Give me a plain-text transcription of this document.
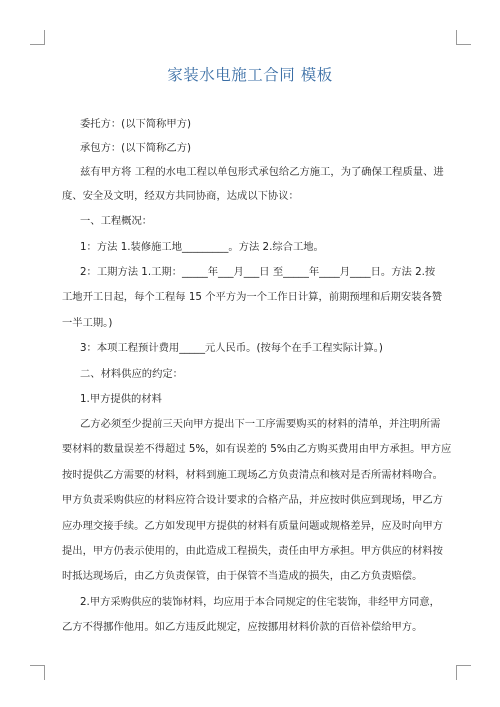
家装水电施工合同 模板
委托方：(以下简称甲方)
承包方：(以下简称乙方)
兹有甲方将 工程的水电工程以单包形式承包给乙方施工，为了确保工程质量、进
度、安全及文明，经双方共同协商，达成以下协议：
一、工程概况：
1：方法 1.装修施工地_________。方法 2.综合工地。
2：工期方法 1.工期：_____年___月___日 至_____年____月____日。方法 2.按
工地开工日起，每个工程每 15 个平方为一个工作日计算，前期预埋和后期安装各赞
一半工期。)
3：本项工程预计费用_____元人民币。(按每个在手工程实际计算。)
二、材料供应的约定：
1.甲方提供的材料
乙方必须至少提前三天向甲方提出下一工序需要购买的材料的清单，并注明所需
要材料的数量误差不得超过 5%，如有误差的 5%由乙方购买费用由甲方承担。甲方应
按时提供乙方需要的材料，材料到施工现场乙方负责清点和核对是否所需材料吻合。
甲方负责采购供应的材料应符合设计要求的合格产品，并应按时供应到现场，甲乙方
应办理交接手续。乙方如发现甲方提供的材料有质量问题或规格差异，应及时向甲方
提出，甲方仍表示使用的，由此造成工程损失，责任由甲方承担。甲方供应的材料按
时抵达现场后，由乙方负责保管，由于保管不当造成的损失，由乙方负责赔偿。
2.甲方采购供应的装饰材料，均应用于本合同规定的住宅装饰，非经甲方同意，
乙方不得挪作他用。如乙方违反此规定，应按挪用材料价款的百倍补偿给甲方。
